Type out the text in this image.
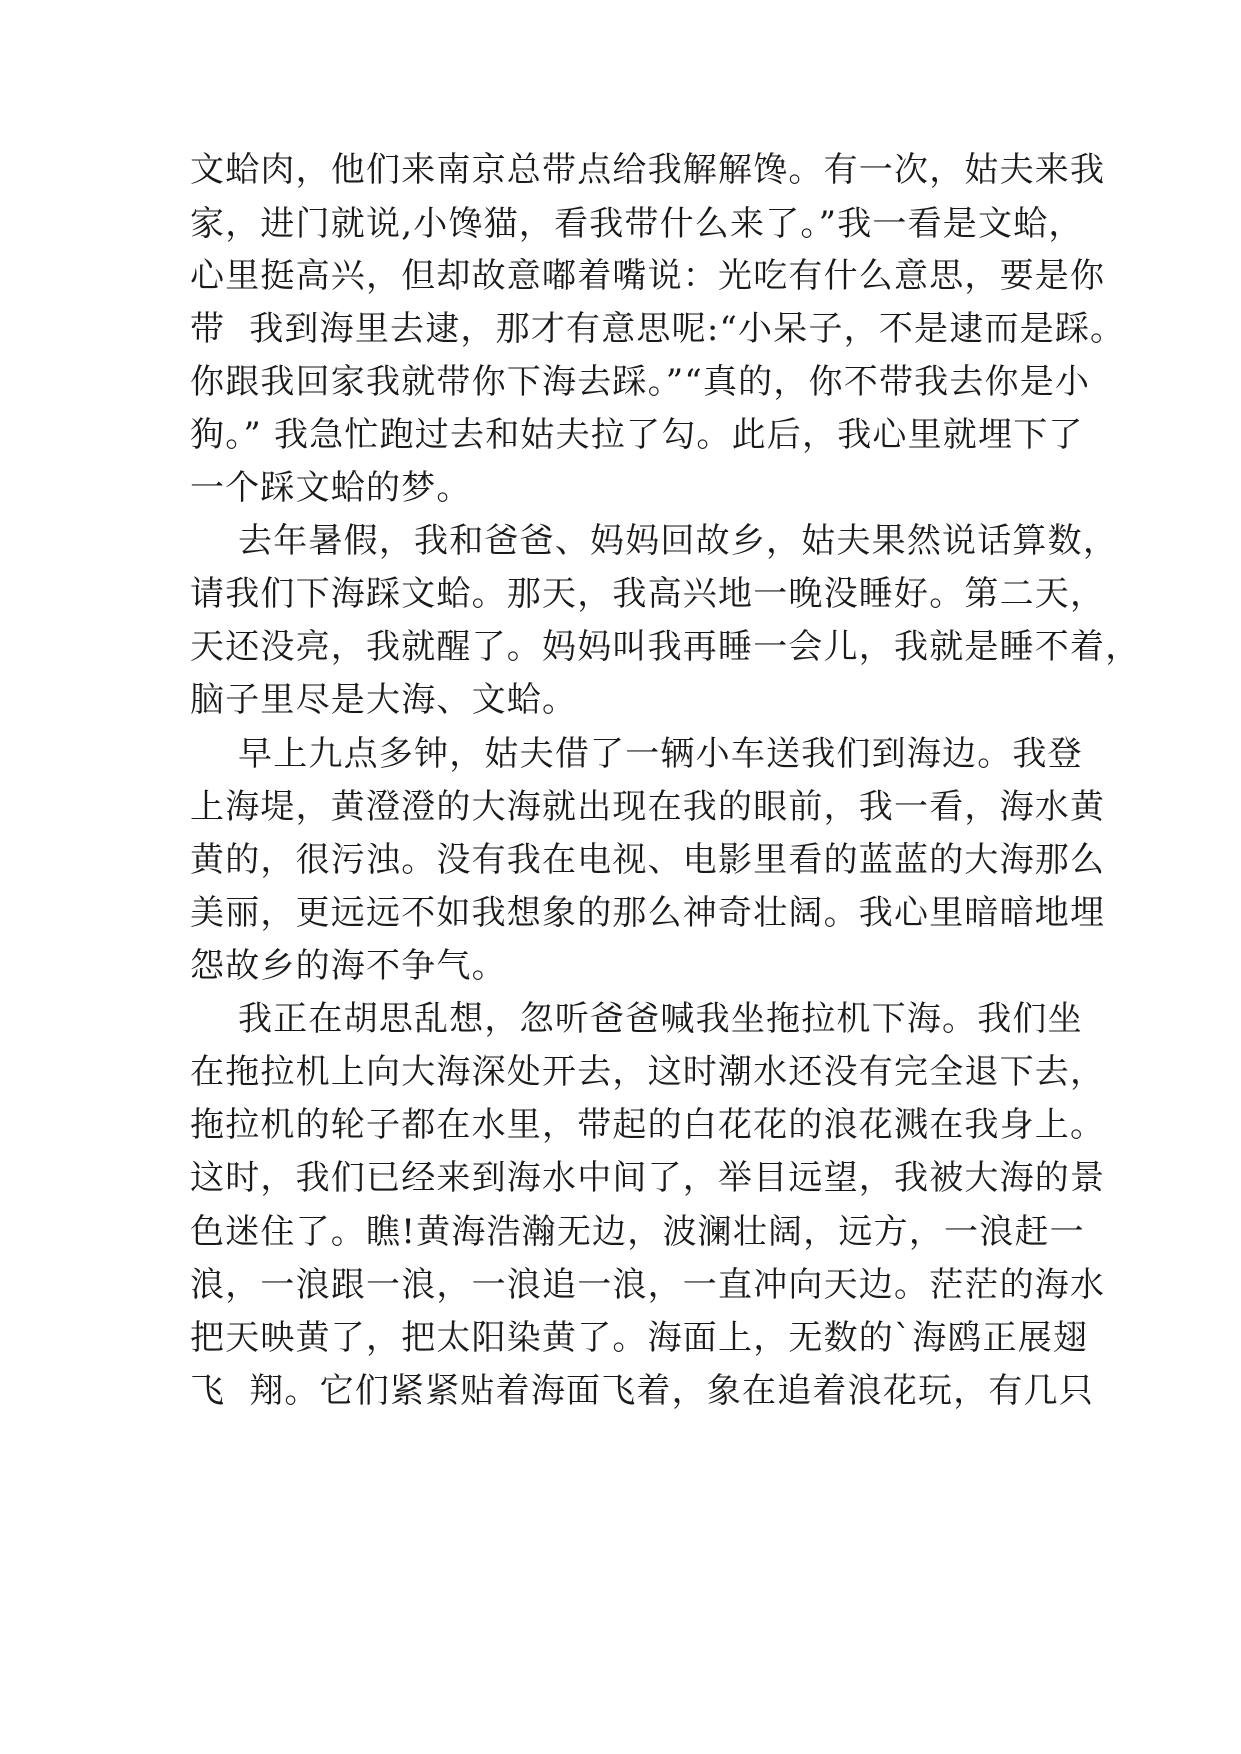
文蛤肉，他们来南京总带点给我解解馋。有一次，姑夫来我
家，进门就说,小馋猫，看我带什么来了。”我一看是文蛤，
心里挺高兴，但却故意嘟着嘴说：光吃有什么意思，要是你
带  我到海里去逮，那才有意思呢:“小呆子，不是逮而是踩。
你跟我回家我就带你下海去踩。”“真的，你不带我去你是小
狗。” 我急忙跑过去和姑夫拉了勾。此后，我心里就埋下了
一个踩文蛤的梦。
去年暑假，我和爸爸、妈妈回故乡，姑夫果然说话算数，
请我们下海踩文蛤。那天，我高兴地一晚没睡好。第二天，
天还没亮，我就醒了。妈妈叫我再睡一会儿，我就是睡不着，
脑子里尽是大海、文蛤。
早上九点多钟，姑夫借了一辆小车送我们到海边。我登
上海堤，黄澄澄的大海就出现在我的眼前，我一看，海水黄
黄的，很污浊。没有我在电视、电影里看的蓝蓝的大海那么
美丽，更远远不如我想象的那么神奇壮阔。我心里暗暗地埋
怨故乡的海不争气。
我正在胡思乱想，忽听爸爸喊我坐拖拉机下海。我们坐
在拖拉机上向大海深处开去，这时潮水还没有完全退下去，
拖拉机的轮子都在水里，带起的白花花的浪花溅在我身上。
这时，我们已经来到海水中间了，举目远望，我被大海的景
色迷住了。瞧!黄海浩瀚无边，波澜壮阔，远方，一浪赶一
浪，一浪跟一浪，一浪追一浪，一直冲向天边。茫茫的海水
把天映黄了，把太阳染黄了。海面上，无数的`海鸥正展翅
飞  翔。它们紧紧贴着海面飞着，象在追着浪花玩，有几只
